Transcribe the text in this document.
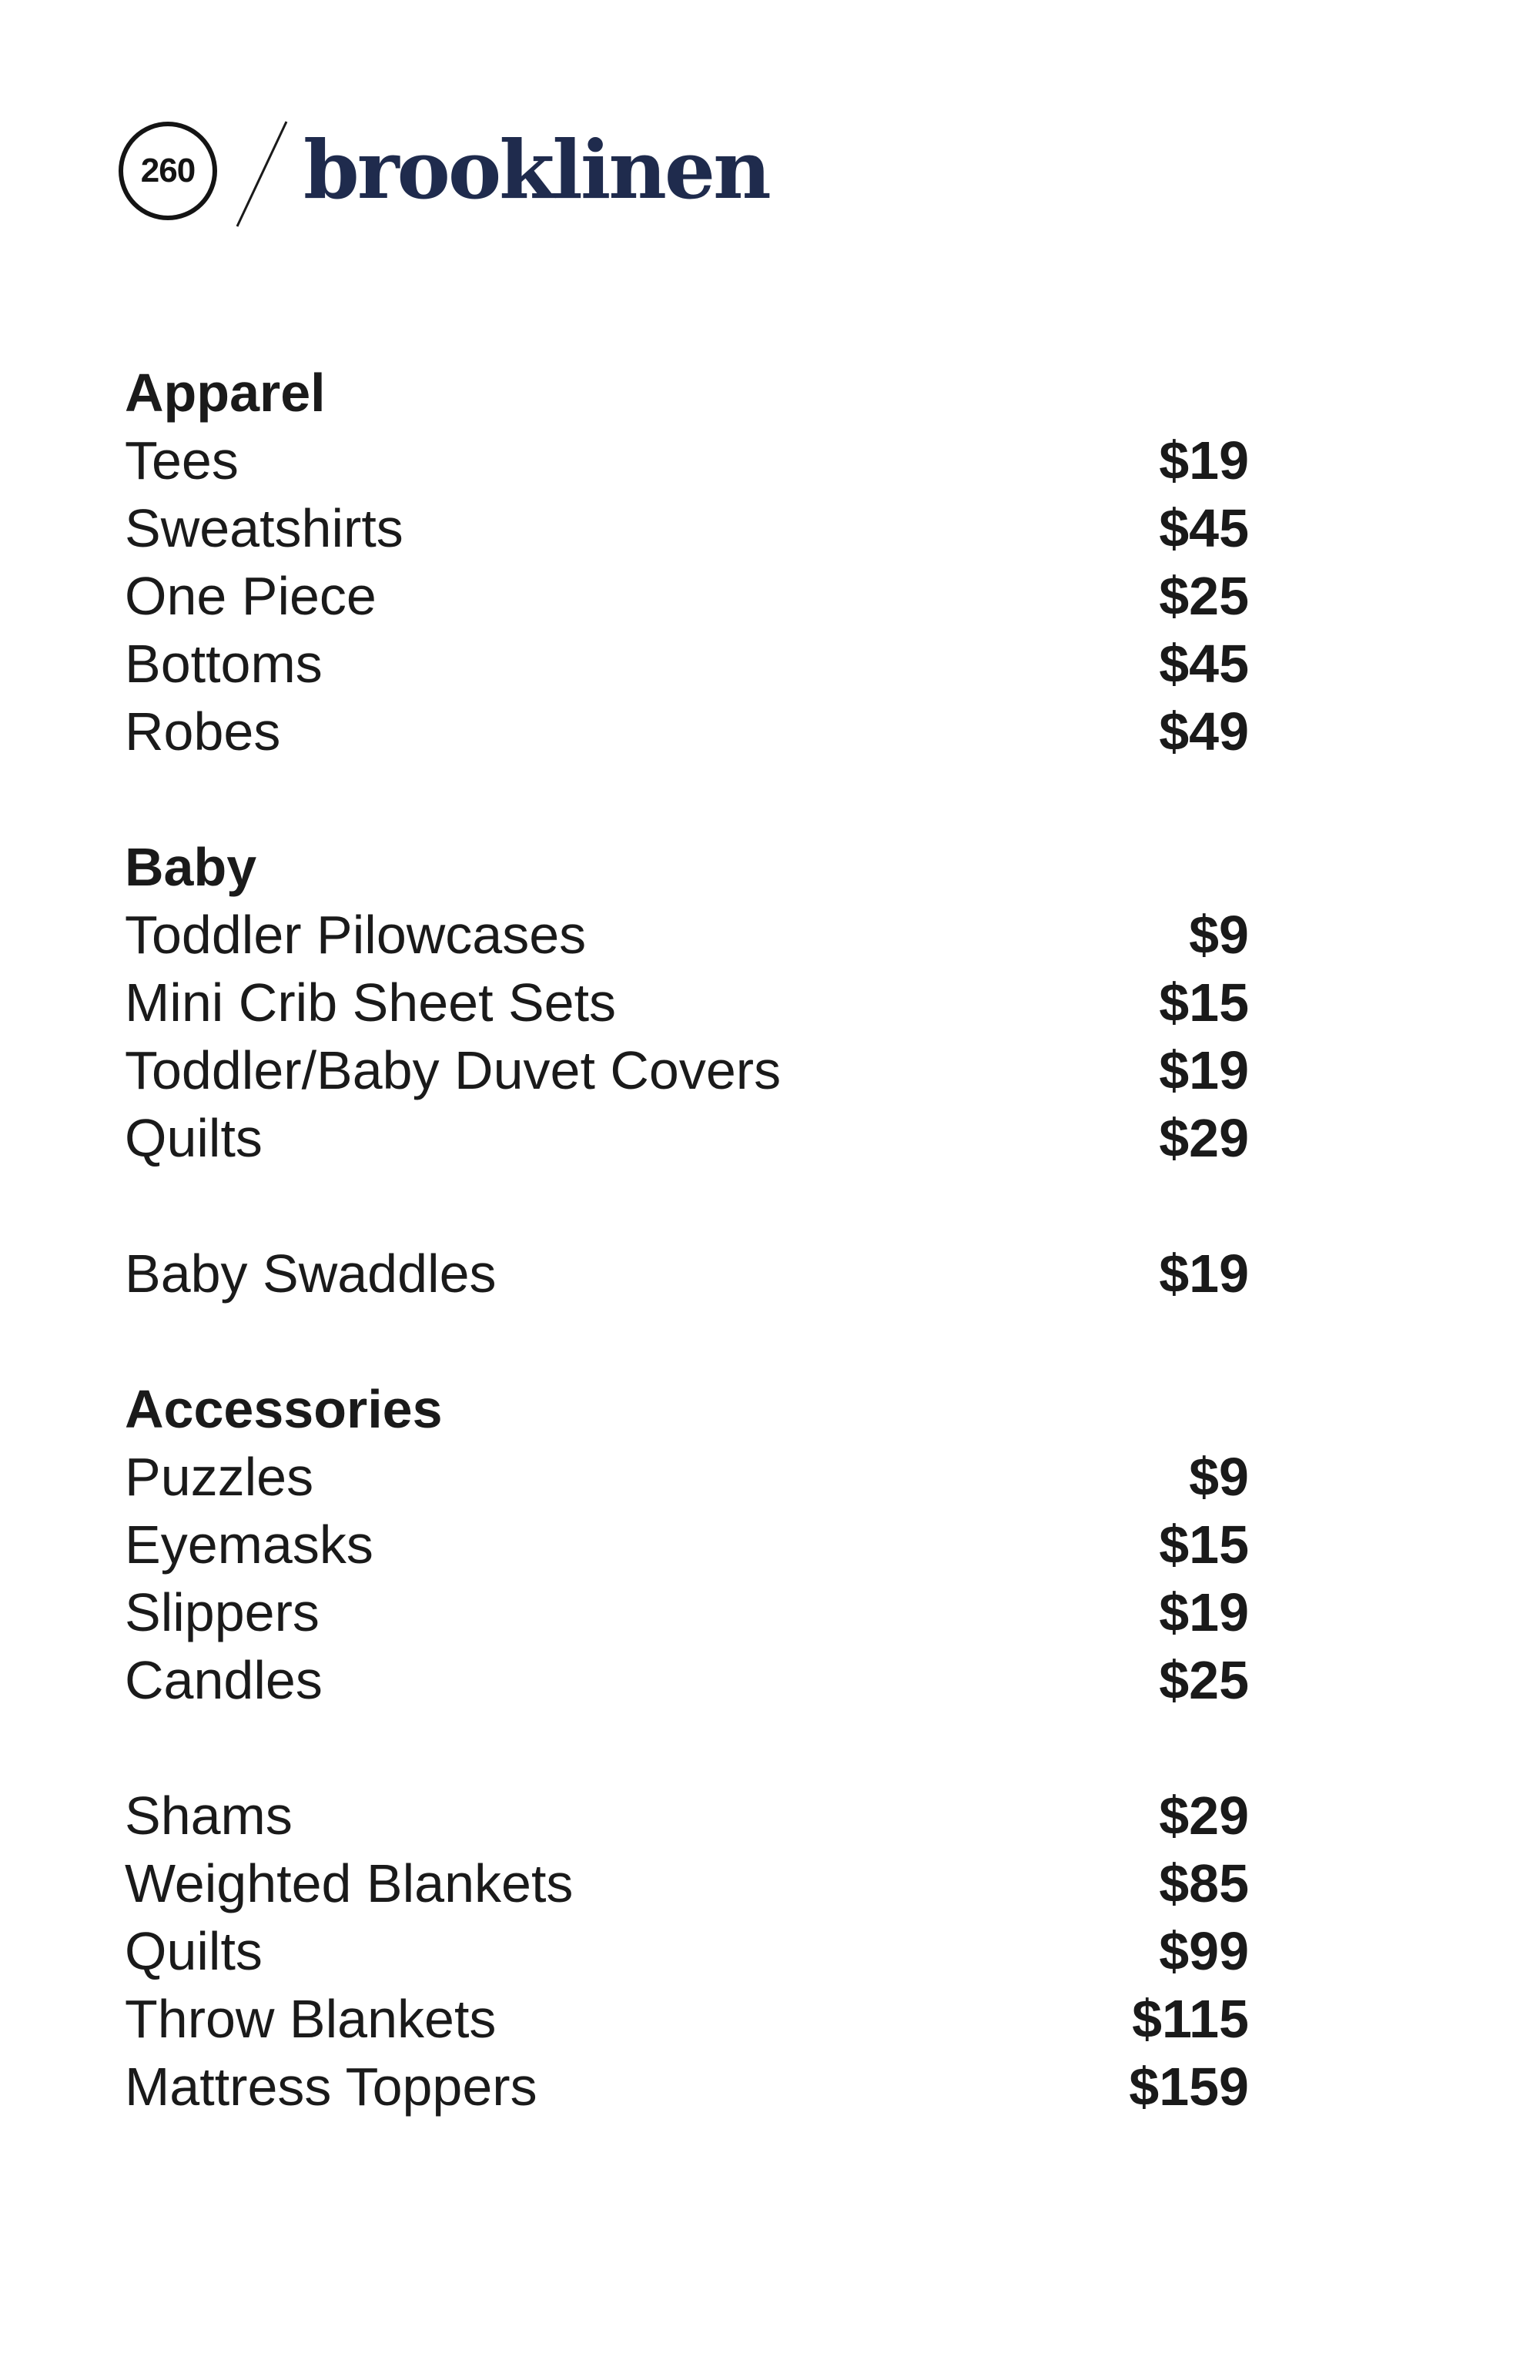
260 brooklinen
Apparel
Tees	$19
Sweatshirts	$45
One Piece	$25
Bottoms	$45
Robes	$49
Baby
Toddler Pilowcases	$9
Mini Crib Sheet Sets	$15
Toddler/Baby Duvet Covers	$19
Quilts	$29
Baby Swaddles	$19
Accessories
Puzzles	$9
Eyemasks	$15
Slippers	$19
Candles	$25
Shams	$29
Weighted Blankets	$85
Quilts	$99
Throw Blankets	$115
Mattress Toppers	$159
